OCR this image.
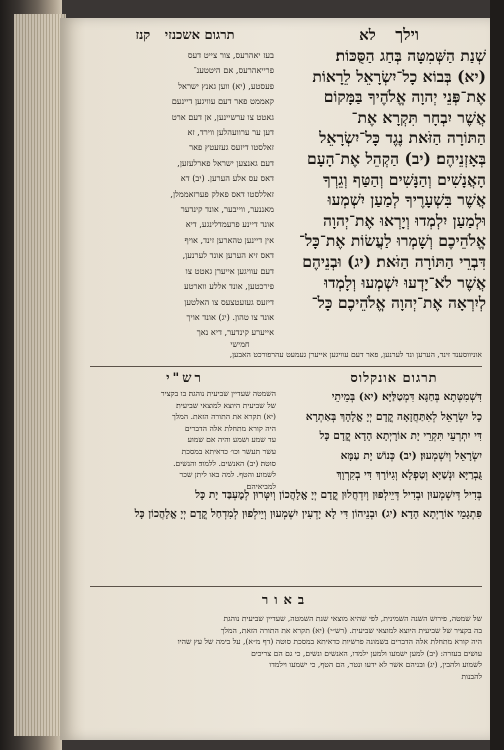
תרגום אשכנזי קנז	וילך לא
שְׁנַת הַשְּׁמִטָּה בְּחַג הַסֻּכּוֹת׃
(יא) בְּבוֹא כָל־יִשְׂרָאֵל לֵרָאוֹת
אֶת־פְּנֵי יְהוָה אֱלֹהֶיךָ בַּמָּקוֹם
אֲשֶׁר יִבְחָר תִּקְרָא אֶת־
הַתּוֹרָה הַזֹּאת נֶגֶד כָּל־יִשְׂרָאֵל
בְּאָזְנֵיהֶם׃ (יב) הַקְהֵל אֶת־הָעָם
הָאֲנָשִׁים וְהַנָּשִׁים וְהַטַּף וְגֵרְךָ
אֲשֶׁר בִּשְׁעָרֶיךָ לְמַעַן יִשְׁמְעוּ
וּלְמַעַן יִלְמְדוּ וְיָרְאוּ אֶת־יְהוָה
אֱלֹהֵיכֶם וְשָׁמְרוּ לַעֲשׂוֹת אֶת־כָּל־
דִּבְרֵי הַתּוֹרָה הַזֹּאת׃ (יג) וּבְנֵיהֶם
אֲשֶׁר לֹא־יָדְעוּ יִשְׁמְעוּ וְלָמְדוּ
לְיִרְאָה אֶת־יְהוָה אֱלֹהֵיכֶם כָּל־
בעז יאהרעס, צור צייט דעס
פרייאהרעס, אם היטטענ־
פעסטע, (יא) ווען גאנץ ישראל
קאממט פאר דעם עוויגען דיינעם
גאטט צו ערשיינען, אן דעם ארט
דען ער ערוועהלען ווירד, זא
זאלסטו דיזעס געזעטץ פאר
דעם גאנצען ישראל פארלעזען,
דאס עס אלע הערען. (יב) דא
זאללסטו דאס פאלק פערזאממלן,
מאננער, ווייבער, אונד קינדער
אונד דיינע פרעמדלינגע, דיא
אין דיינען טהארען זינד, אויף
דאס זיא הערען אונד לערנען,
דעם עוויגען אייערן גאטט צו
פירכטען, אונד אללע ווארטע
דיזעס געזעטצעס צו האלטען
אונד צו טהון. (יג) אונד אויך
אייערע קינדער, דיא נאך
חמישי
אוניווסענד זינד, הערען ונד לערנען, פאר דעם עוויגען אייערן געמעט עהרפורכט האבען,
תרגום אונקלוס
רש"י
דִּשְׁמִטְּתָא בְּחַגָּא דִּמְטַלַּיָּא׃ (יא) בְּמֵיתֵי
כָל יִשְׂרָאֵל לְאִתַּחֲזָאָה קֳדָם יְיָ אֱלָהָךְ בְּאַתְרָא
דִּי יִתְרְעֵי תִּקְרֵי יָת אוֹרָיְתָא הָדָא קֳדָם כָּל
יִשְׂרָאֵל וְיִשְׁמְעוּן׃ (יב) כְּנוֹשׁ יָת עַמָּא
גֻּבְרַיָּא וּנְשַׁיָּא וְטַפְלָא וְגִיּוֹרָךְ דִּי בְקִרְוָךְ
השמטה שעדיין שביעית נוהגה׃ בו בקציר
של שביעית היוצא למוצאי שביעית׃
(יא) תקרא את התורה הזאת. המלך
היה קורא מתחלת אלה הדברים
עד שמע ושמע והיה אם שמוע
עשר תעשר וכו׳ כדאיתא במסכת
סוטה׃ (יב) האנשים. ללמוד׃ והנשים.
לשמוע׃ והטף. למה באו ליתן שכר
למביאיהם׃
בְּדִיל דְּיִשְׁמְעוּן וּבְדִיל דְּיֵילְפוּן וְיִדְחֲלוּן קֳדָם יְיָ אֱלָהֲכוֹן וְיִטְּרוּן לְמֶעְבַּד יָת כָּל
פִּתְגָמֵי אוֹרָיְתָא הָדָא׃ (יג) וּבְנֵיהוֹן דִּי לָא יָדְעִין יִשְׁמְעוּן וְיֵילְפוּן לְמִדְחַל קֳדָם יְיָ אֱלָהֲכוֹן כָּל
באור
של שמטה, פירוש השנה השמינית, לפי שהיא מוצאי שנת השמטה, שעדיין שביעית נוהגת
בה בקציר של שביעית היוצא למוצאי שביעית. (רש״י) (יא) תקרא את התורה הזאת, המלך
היה קורא מתחלת אלה הדברים בשמונה פרשיות כדאיתא במסכת סוטה (דף מ״א), על בימה של עץ שהיו
עושים בעזרה: (יב) למען ישמעו ולמען ילמדו, האנשים ונשים, כי גם הם צריכים
לשמוע ולהבין, (יג) ובניהם אשר לא ידעו ונטר, הם הטף, כי ישמעו וילמדו
להבנות
